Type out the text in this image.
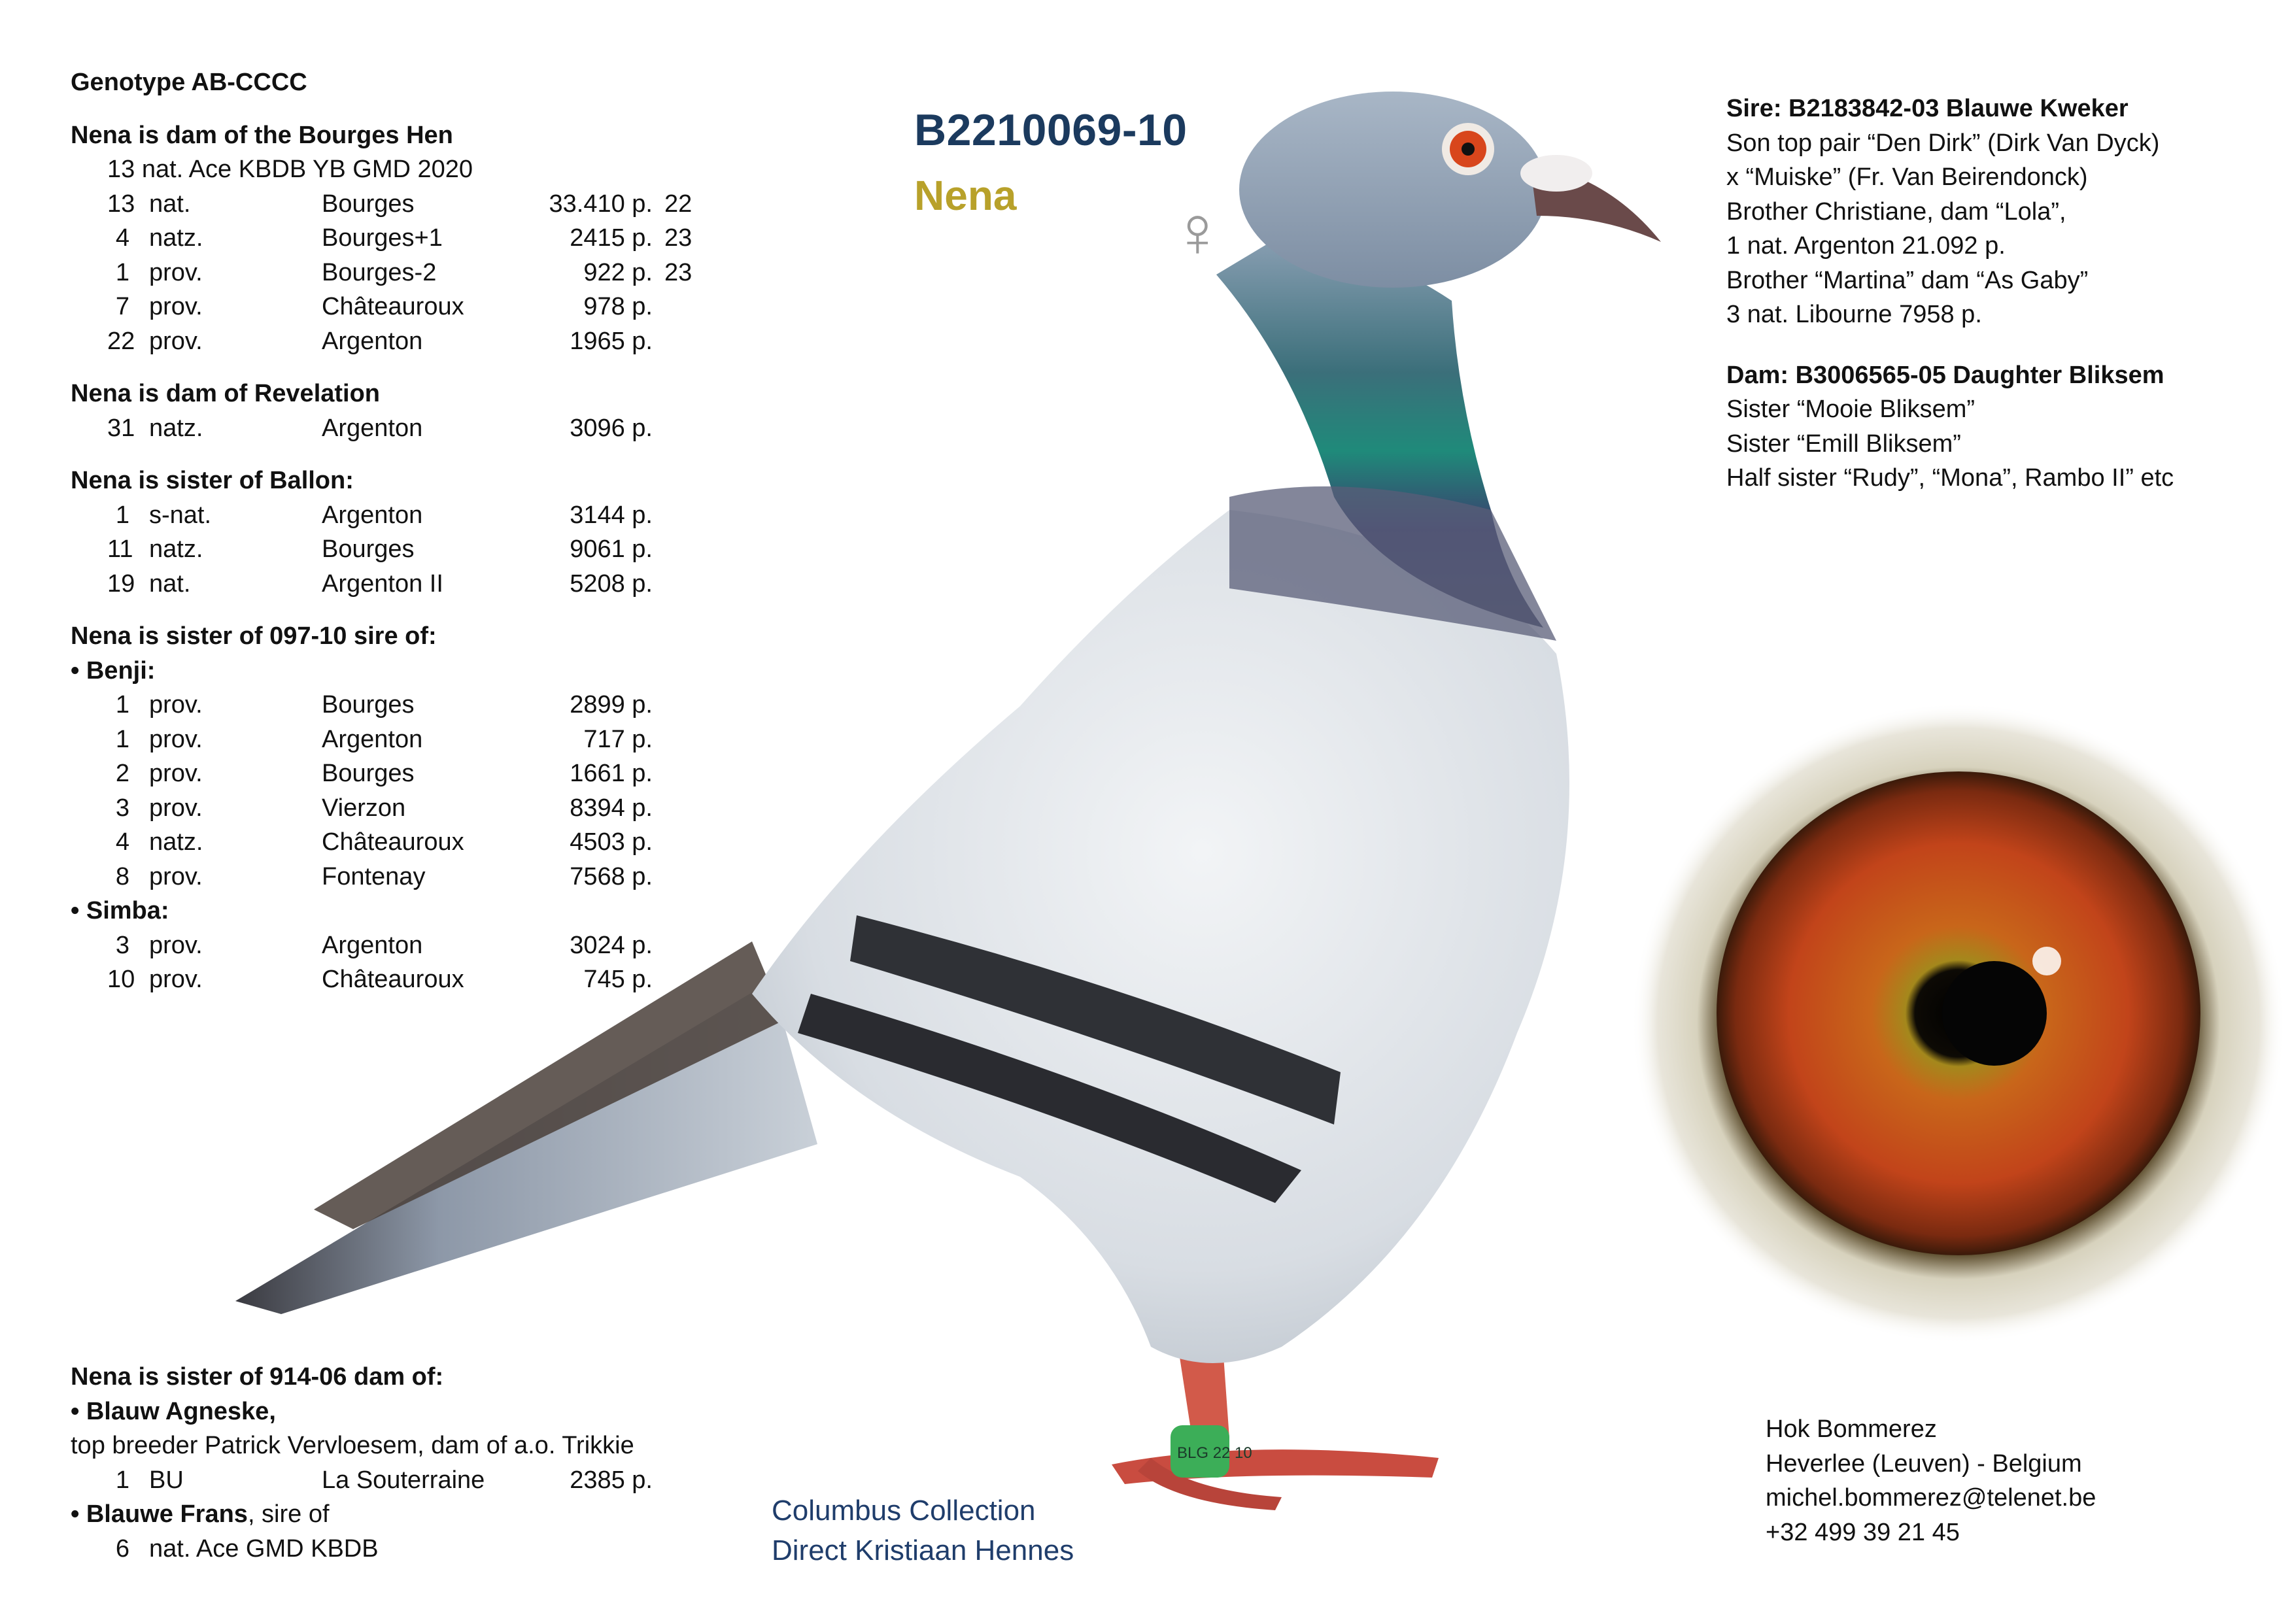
Genotype AB-CCCC
Nena is dam of the Bourges Hen
13 nat. Ace KBDB YB GMD 2020
13 nat.	Bourges	33.410 p. 22
4 natz.	Bourges+1	2415 p. 23
1 prov.	Bourges-2	922 p. 23
7 prov.	Châteauroux	978 p.
22 prov.	Argenton	1965 p.
Nena is dam of Revelation
31 natz.	Argenton	3096 p.
Nena is sister of Ballon:
1 s-nat.	Argenton	3144 p.
11 natz.	Bourges	9061 p.
19 nat.	Argenton II	5208 p.
Nena is sister of 097-10 sire of:
• Benji:
1 prov.	Bourges	2899 p.
1 prov.	Argenton	717 p.
2 prov.	Bourges	1661 p.
3 prov.	Vierzon	8394 p.
4 natz.	Châteauroux	4503 p.
8 prov.	Fontenay	7568 p.
• Simba:
3 prov.	Argenton	3024 p.
10 prov.	Châteauroux	745 p.
Nena is sister of 914-06 dam of:
• Blauw Agneske,
top breeder Patrick Vervloesem, dam of a.o. Trikkie
1 BU	La Souterraine	2385 p.
• Blauwe Frans, sire of
6 nat. Ace GMD KBDB
B2210069-10
Nena ♀
BLG 22 10
Sire: B2183842-03 Blauwe Kweker
Son top pair “Den Dirk” (Dirk Van Dyck)
x “Muiske” (Fr. Van Beirendonck)
Brother Christiane, dam “Lola”,
1 nat. Argenton 21.092 p.
Brother “Martina” dam “As Gaby”
3 nat. Libourne 7958 p.
Dam: B3006565-05 Daughter Bliksem
Sister “Mooie Bliksem”
Sister “Emill Bliksem”
Half sister “Rudy”, “Mona”, Rambo II” etc
Columbus Collection
Direct Kristiaan Hennes
Hok Bommerez
Heverlee (Leuven) - Belgium
michel.bommerez@telenet.be
+32 499 39 21 45
